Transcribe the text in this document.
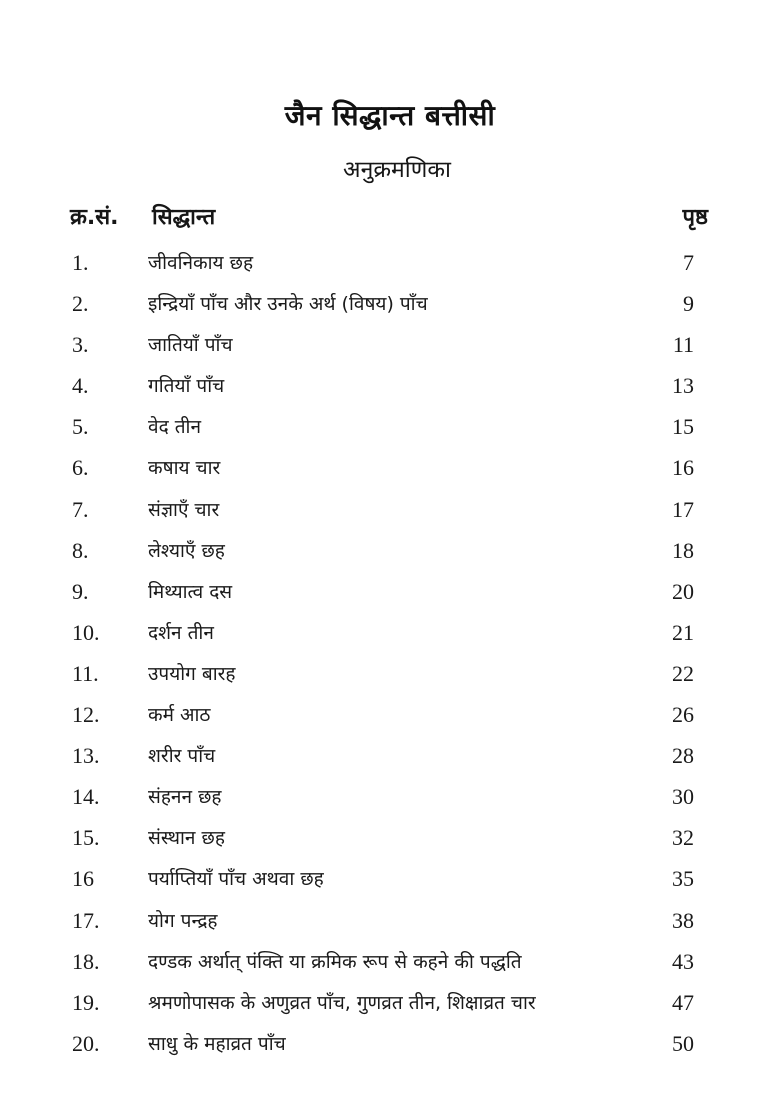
जैन सिद्धान्त बत्तीसी
अनुक्रमणिका
क्र.सं. सिद्धान्त	पृष्ठ
1.	जीवनिकाय छह	7
2.	इन्द्रियाँ पाँच और उनके अर्थ (विषय) पाँच	9
3.	जातियाँ पाँच	11
4.	गतियाँ पाँच	13
5.	वेद तीन	15
6.	कषाय चार	16
7.	संज्ञाएँ चार	17
8.	लेश्याएँ छह	18
9.	मिथ्यात्व दस	20
10.	दर्शन तीन	21
11.	उपयोग बारह	22
12.	कर्म आठ	26
13.	शरीर पाँच	28
14.	संहनन छह	30
15.	संस्थान छह	32
16	पर्याप्तियाँ पाँच अथवा छह	35
17.	योग पन्द्रह	38
18.	दण्डक अर्थात् पंक्ति या क्रमिक रूप से कहने की पद्धति	43
19.	श्रमणोपासक के अणुव्रत पाँच, गुणव्रत तीन, शिक्षाव्रत चार	47
20.	साधु के महाव्रत पाँच	50
